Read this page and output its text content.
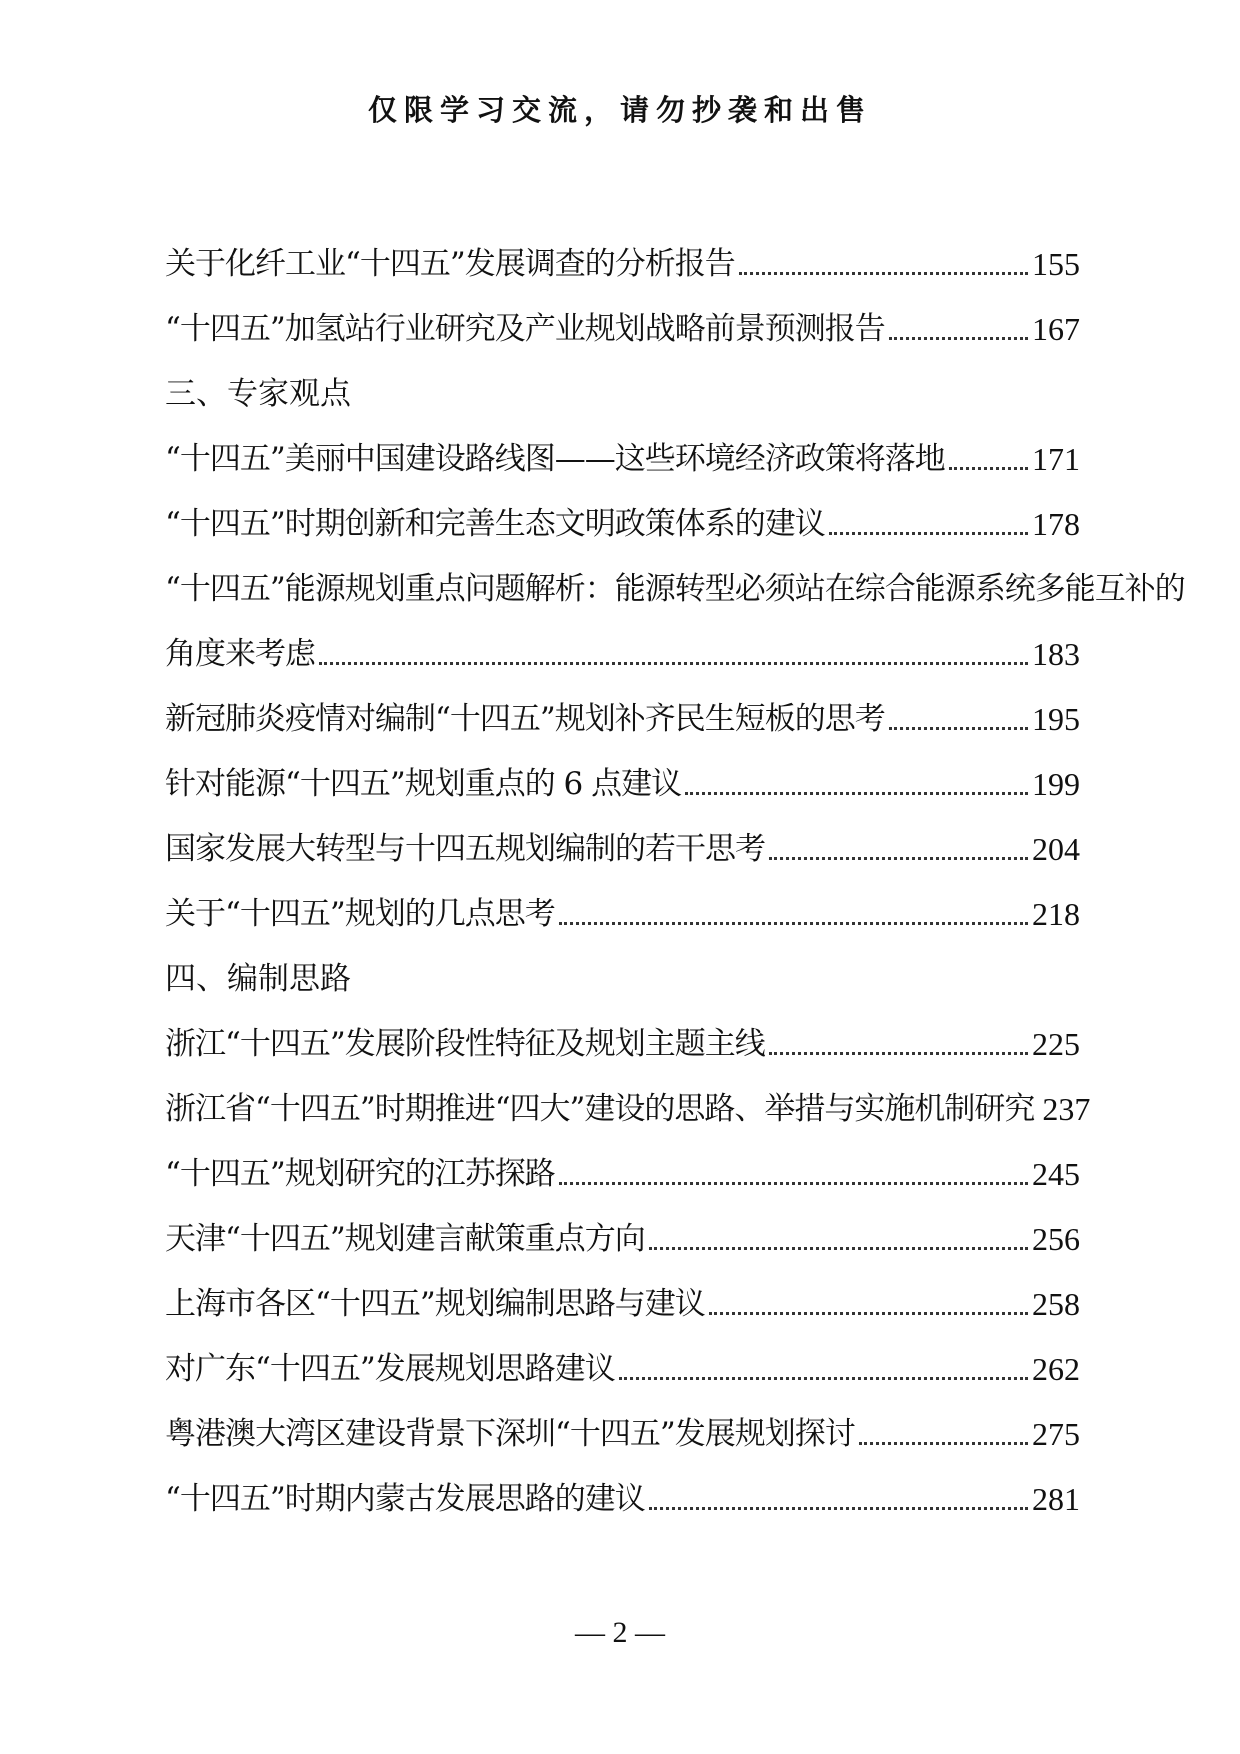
仅限学习交流，请勿抄袭和出售
关于化纤工业“十四五”发展调查的分析报告	155
“十四五”加氢站行业研究及产业规划战略前景预测报告	167
三、专家观点
“十四五”美丽中国建设路线图——这些环境经济政策将落地	171
“十四五”时期创新和完善生态文明政策体系的建议	178
“十四五”能源规划重点问题解析：能源转型必须站在综合能源系统多能互补的
角度来考虑	183
新冠肺炎疫情对编制“十四五”规划补齐民生短板的思考	195
针对能源“十四五”规划重点的 6 点建议	199
国家发展大转型与十四五规划编制的若干思考	204
关于“十四五”规划的几点思考	218
四、编制思路
浙江“十四五”发展阶段性特征及规划主题主线	225
浙江省“十四五”时期推进“四大”建设的思路、举措与实施机制研究 237
“十四五”规划研究的江苏探路	245
天津“十四五”规划建言献策重点方向	256
上海市各区“十四五”规划编制思路与建议	258
对广东“十四五”发展规划思路建议	262
粤港澳大湾区建设背景下深圳“十四五”发展规划探讨	275
“十四五”时期内蒙古发展思路的建议	281
— 2 —
